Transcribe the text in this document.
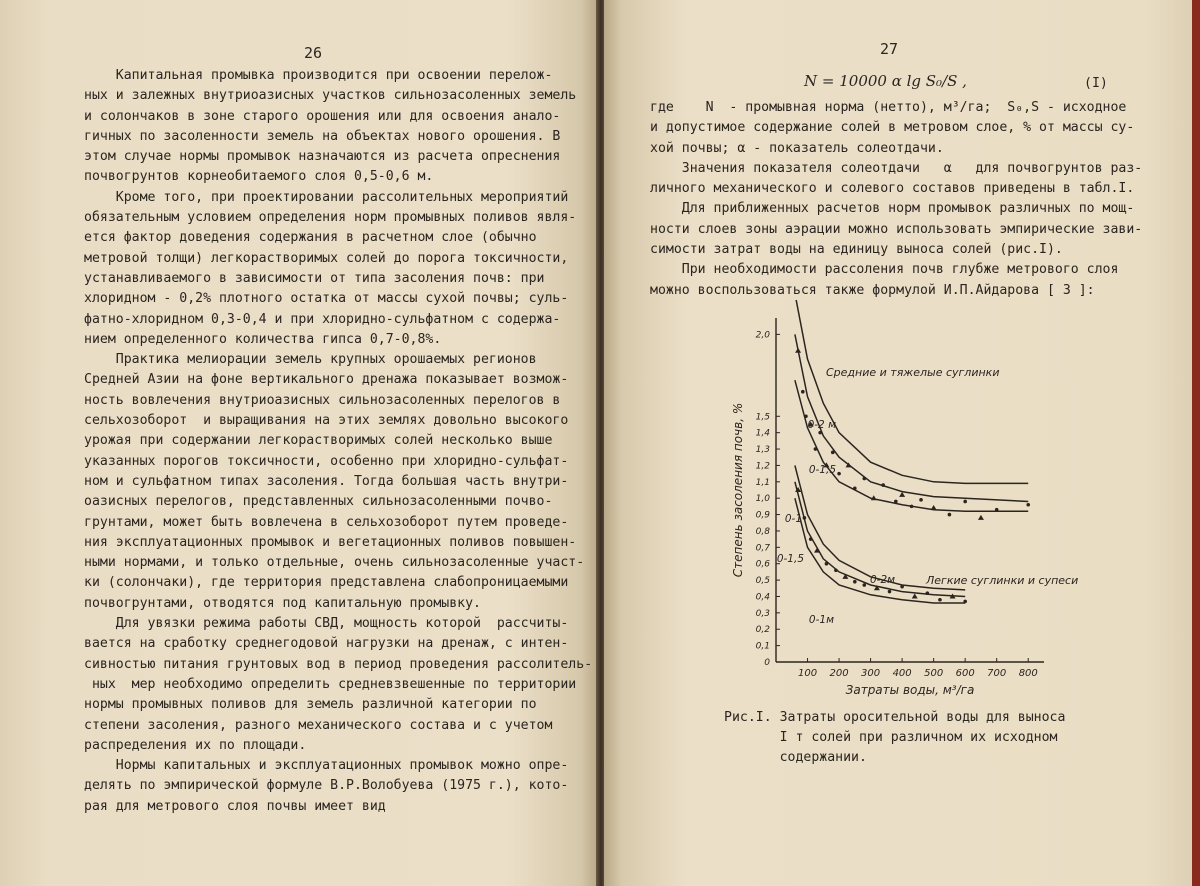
26
Капитальная промывка производится при освоении перелож-
ных и залежных внутриоазисных участков сильнозасоленных земель
и солончаков в зоне старого орошения или для освоения анало-
гичных по засоленности земель на объектах нового орошения. В
этом случае нормы промывок назначаются из расчета опреснения
почвогрунтов корнеобитаемого слоя 0,5-0,6 м.
Кроме того, при проектировании рассолительных мероприятий
обязательным условием определения норм промывных поливов явля-
ется фактор доведения содержания в расчетном слое (обычно
метровой толщи) легкорастворимых солей до порога токсичности,
устанавливаемого в зависимости от типа засоления почв: при
хлоридном - 0,2% плотного остатка от массы сухой почвы; суль-
фатно-хлоридном 0,3-0,4 и при хлоридно-сульфатном с содержа-
нием определенного количества гипса 0,7-0,8%.
Практика мелиорации земель крупных орошаемых регионов
Средней Азии на фоне вертикального дренажа показывает возмож-
ность вовлечения внутриоазисных сильнозасоленных перелогов в
сельхозоборот  и выращивания на этих землях довольно высокого
урожая при содержании легкорастворимых солей несколько выше
указанных порогов токсичности, особенно при хлоридно-сульфат-
ном и сульфатном типах засоления. Тогда большая часть внутри-
оазисных перелогов, представленных сильнозасоленными почво-
грунтами, может быть вовлечена в сельхозоборот путем проведе-
ния эксплуатационных промывок и вегетационных поливов повышен-
ными нормами, и только отдельные, очень сильнозасоленные участ-
ки (солончаки), где территория представлена слабопроницаемыми
почвогрунтами, отводятся под капитальную промывку.
Для увязки режима работы СВД, мощность которой  рассчиты-
вается на сработку среднегодовой нагрузки на дренаж, с интен-
сивностью питания грунтовых вод в период проведения рассолитель-
ных  мер необходимо определить средневзвешенные по территории
нормы промывных поливов для земель различной категории по
степени засоления, разного механического состава и с учетом
распределения их по площади.
Нормы капитальных и эксплуатационных промывок можно опре-
делять по эмпирической формуле В.Р.Волобуева (1975 г.), кото-
рая для метрового слоя почвы имеет вид
27
N = 10000 α lg S₀/S ,	(I)
где    N  - промывная норма (нетто), м³/га;  S₀,S - исходное
и допустимое содержание солей в метровом слое, % от массы су-
хой почвы; α - показатель солеотдачи.
Значения показателя солеотдачи   α   для почвогрунтов раз-
личного механического и солевого составов приведены в табл.I.
Для приближенных расчетов норм промывок различных по мощ-
ности слоев зоны аэрации можно использовать эмпирические зави-
симости затрат воды на единицу выноса солей (рис.I).
При необходимости рассоления почв глубже метрового слоя
можно воспользоваться также формулой И.П.Айдарова [ 3 ]:
100 200 300 400 500 600 700 800
0
0,1
0,2
0,3
0,4
0,5
0,6
0,7
0,8
0,9
1,0
1,1
1,2
1,3
1,4
1,5
2,0
Степень засоления почв, %
Затраты воды, м³/га
0-2 м
0-1,5
0-1
0-1,5
0-2м
0-1м
Средние и тяжелые суглинки
Легкие суглинки и супеси
Рис.I. Затраты оросительной воды для выноса
I т солей при различном их исходном
содержании.
